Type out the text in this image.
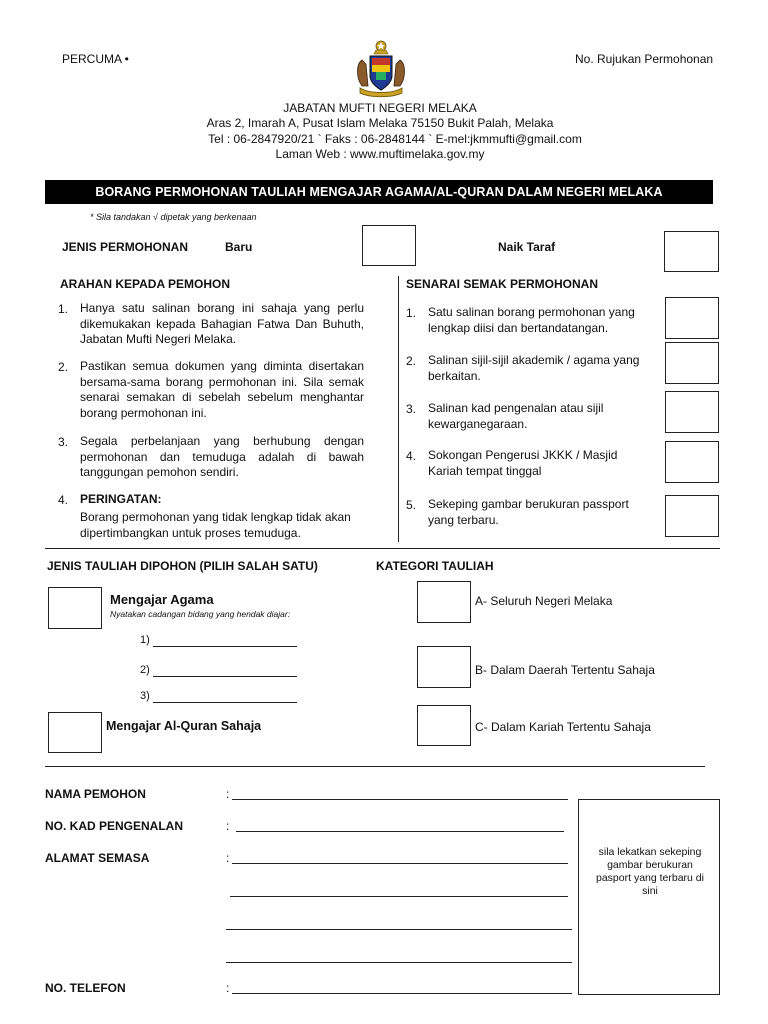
PERCUMA •	No. Rujukan Permohonan
JABATAN MUFTI NEGERI MELAKA
Aras 2, Imarah A, Pusat Islam Melaka 75150 Bukit Palah, Melaka
Tel : 06-2847920/21 ` Faks : 06-2848144 ` E-mel:jkmmufti@gmail.com
Laman Web : www.muftimelaka.gov.my
BORANG PERMOHONAN TAULIAH MENGAJAR AGAMA/AL-QURAN DALAM NEGERI MELAKA
* Sila tandakan √ dipetak yang berkenaan
JENIS PERMOHONAN	Baru	Naik Taraf
ARAHAN KEPADA PEMOHON
1. Hanya satu salinan borang ini sahaja yang perlu dikemukakan kepada Bahagian Fatwa Dan Buhuth, Jabatan Mufti Negeri Melaka.
2. Pastikan semua dokumen yang diminta disertakan bersama-sama borang permohonan ini. Sila semak senarai semakan di sebelah sebelum menghantar borang permohonan ini.
3. Segala perbelanjaan yang berhubung dengan permohonan dan temuduga adalah di bawah tanggungan pemohon sendiri.
4. PERINGATAN:
Borang permohonan yang tidak lengkap tidak akan dipertimbangkan untuk proses temuduga.
SENARAI SEMAK PERMOHONAN
1. Satu salinan borang permohonan yang lengkap diisi dan bertandatangan.
2. Salinan sijil-sijil akademik / agama yang berkaitan.
3. Salinan kad pengenalan atau sijil kewarganegaraan.
4. Sokongan Pengerusi JKKK / Masjid Kariah tempat tinggal
5. Sekeping gambar berukuran passport yang terbaru.
JENIS TAULIAH DIPOHON (PILIH SALAH SATU)
Mengajar Agama
Nyatakan cadangan bidang yang hendak diajar:
1)
2)
3)
Mengajar Al-Quran Sahaja
KATEGORI TAULIAH
A- Seluruh Negeri Melaka
B- Dalam Daerah Tertentu Sahaja
C- Dalam Kariah Tertentu Sahaja
NAMA PEMOHON	:
NO. KAD PENGENALAN	:
ALAMAT SEMASA	:
NO. TELEFON	:
sila lekatkan sekeping gambar berukuran pasport yang terbaru di sini
